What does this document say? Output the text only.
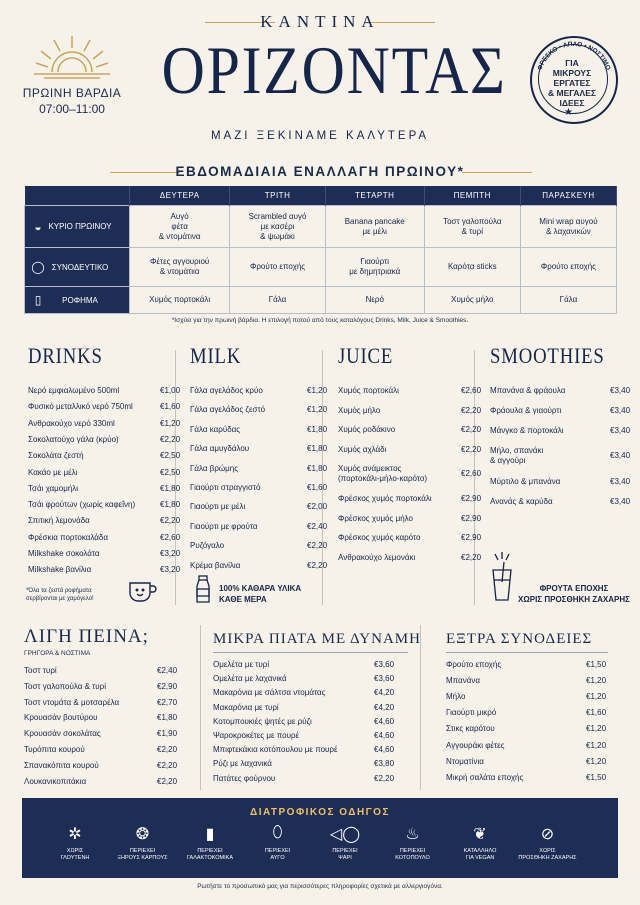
ΚΑΝΤΙΝΑ
ΟΡΙΖΟΝΤΑΣ
ΜΑΖΙ ΞΕΚΙΝΑΜΕ ΚΑΛΥΤΕΡΑ
ΠΡΩΙΝΗ ΒΑΡΔΙΑ
07:00–11:00
ΦΡΕΣΚΟ • ΑΠΛΟ • ΝΟΣΤΙΜΟ
ΓΙΑ
ΜΙΚΡΟΥΣ
ΕΡΓΑΤΕΣ
& ΜΕΓΑΛΕΣ
ΙΔΕΕΣ
★
ΕΒΔΟΜΑΔΙΑΙΑ ΕΝΑΛΛΑΓΗ ΠΡΩΙΝΟΥ*
	ΔΕΥΤΕΡΑ	ΤΡΙΤΗ	ΤΕΤΑΡΤΗ	ΠΕΜΠΤΗ	ΠΑΡΑΣΚΕΥΗ
◒ ΚΥΡΙΟ ΠΡΩΙΝΟΥ	Αυγό
φέτα
& ντομάτινα	Scrambled αυγό
με κασέρι
& ψωμάκι	Banana pancake
με μέλι	Τοστ γαλοπούλα
& τυρί	Mini wrap αυγού
& λαχανικών
◯ ΣΥΝΟΔΕΥΤΙΚΟ	Φέτες αγγουριού
& ντομάτιια	Φρούτο εποχής	Γιαούρτι
με δημητριακά	Καρότα sticks	Φρούτο εποχής
▯ ΡΟΦΗΜΑ	Χυμός πορτοκάλι	Γάλα	Νερό	Χυμός μήλο	Γάλα
*Ισχύει για την πρωινή βάρδια. Η επιλογή ποτού από τους καταλόγους Drinks, Milk, Juice & Smoothies.
DRINKS	MILK	JUICE	SMOOTHIES
Νερό εμφιαλωμένο 500ml	€1,00
Φυσικό μεταλλικό νερό 750ml	€1,60
Ανθρακούχο νερό 330ml	€1,20
Σοκολατούχο γάλα (κρύο)	€2,20
Σοκολάτα ζεστή	€2,50
Κακάο με μέλι	€2,50
Τσάι χαμομήλι	€1,80
Τσάι φρούτων (χωρίς καφεΐνη)	€1,80
Σπιτική λεμονάδα	€2,20
Φρέσκια πορτοκαλάδα	€2,60
Milkshake σοκολάτα	€3,20
Milkshake βανίλια	€3,20
Γάλα αγελάδος κρύο	€1,20
Γάλα αγελάδος ζεστό	€1,20
Γάλα καρύδας	€1,80
Γάλα αμυγδάλου	€1,80
Γάλα βρώμης	€1,80
Γιαούρτι στραγγιστό	€1,60
Γιαούρτι με μέλι	€2,00
Γιαούρτι με φρούτα	€2,40
Ρυζόγαλο	€2,20
Κρέμα βανίλια	€2,20
Χυμός πορτοκάλι	€2,60
Χυμός μήλο	€2,20
Χυμός ροδάκινο	€2,20
Χυμός αχλάδι	€2,20
Χυμός ανάμεικτος
(πορτοκάλι-μήλο-καρότο)
€2,60
Φρέσκος χυμός πορτοκάλι	€2,90
Φρέσκος χυμός μήλο	€2,90
Φρέσκος χυμός καρότο	€2,90
Ανθρακούχο λεμονάκι	€2,20
Μπανάνα & φράουλα	€3,40
Φράουλα & γιαούρτι	€3,40
Μάνγκο & πορτοκάλι	€3,40
Μήλο, σπανάκι
& αγγούρι
€3,40
Μύρτιλο & μπανάνα	€3,40
Ανανάς & καρύδα	€3,40
*Όλα τα ζεστά ροφήματα σερβίρονται με χαμόγελο!
100% ΚΑΘΑΡΑ ΥΛΙΚΑ
ΚΑΘΕ ΜΕΡΑ
ΦΡΟΥΤΑ ΕΠΟΧΗΣ
ΧΩΡΙΣ ΠΡΟΣΘΗΚΗ ΖΑΧΑΡΗΣ
ΛΙΓΗ ΠΕΙΝΑ;
ΓΡΗΓΟΡΑ & ΝΟΣΤΙΜΑ
ΜΙΚΡΑ ΠΙΑΤΑ ΜΕ ΔΥΝΑΜΗ ΕΞΤΡΑ ΣΥΝΟΔΕΙΕΣ
Τοστ τυρί	€2,40
Τοστ γαλοπούλα & τυρί	€2,90
Τοστ ντομάτα & μοτσαρέλα	€2,70
Κρουασάν βουτύρου	€1,80
Κρουασάν σοκολάτας	€1,90
Τυρόπιτα κουρού	€2,20
Σπανακόπιτα κουρού	€2,20
Λουκανικοπιτάκια	€2,20
Ομελέτα με τυρί	€3,60
Ομελέτα με λαχανικά	€3,60
Μακαρόνια με σάλτσα ντομάτας	€4,20
Μακαρόνια με τυρί	€4,20
Κοτομπουκιές ψητές με ρύζι	€4,60
Ψαροκροκέτες με πουρέ	€4,60
Μπιφτεκάκια κοτόπουλου με πουρέ	€4,60
Ρύζι με λαχανικά	€3,80
Πατάτες φούρνου	€2,20
Φρούτο εποχής	€1,50
Μπανάνα	€1,20
Μήλο	€1,20
Γιαούρτι μικρό	€1,60
Στικς καρότου	€1,20
Αγγουράκι φέτες	€1,20
Ντοματίνια	€1,20
Μικρή σαλάτα εποχής	€1,50
ΔΙΑΤΡΟΦΙΚΟΣ ΟΔΗΓΟΣ
✲
ΧΩΡΙΣ
ΓΛΟΥΤΕΝΗ
❂
ΠΕΡΙΕΧΕΙ
ΞΗΡΟΥΣ ΚΑΡΠΟΥΣ
▮
ΠΕΡΙΕΧΕΙ
ΓΑΛΑΚΤΟΚΟΜΙΚΑ
⬯
ΠΕΡΙΕΧΕΙ
ΑΥΓΟ
◁◯
ΠΕΡΙΕΧΕΙ
ΨΑΡΙ
♨
ΠΕΡΙΕΧΕΙ
ΚΟΤΟΠΟΥΛΟ
❦
ΚΑΤΑΛΛΗΛΟ
ΓΙΑ VEGAN
⊘
ΧΩΡΙΣ
ΠΡΟΣΘΗΚΗ ΖΑΧΑΡΗΣ
Ρωτήστε το προσωπικό μας για περισσότερες πληροφορίες σχετικά με αλλεργιογόνα.
